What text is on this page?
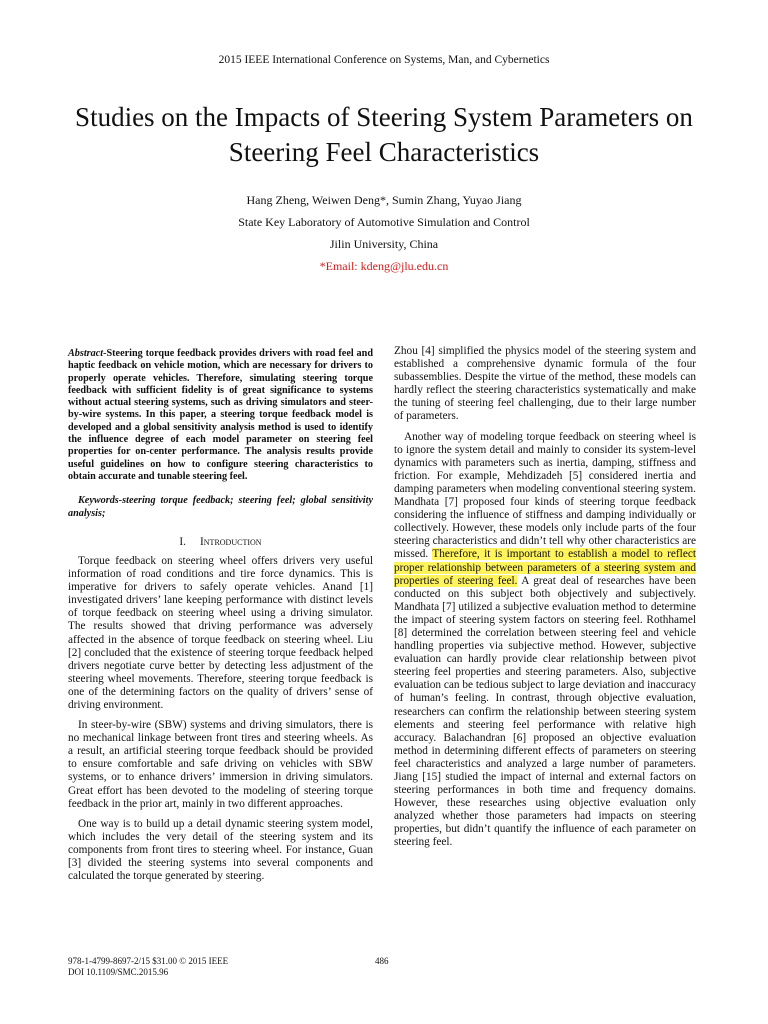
2015 IEEE International Conference on Systems, Man, and Cybernetics
Studies on the Impacts of Steering System Parameters on Steering Feel Characteristics
Hang Zheng, Weiwen Deng*, Sumin Zhang, Yuyao Jiang
State Key Laboratory of Automotive Simulation and Control
Jilin University, China
*Email: kdeng@jlu.edu.cn
Abstract-Steering torque feedback provides drivers with road feel and haptic feedback on vehicle motion, which are necessary for drivers to properly operate vehicles. Therefore, simulating steering torque feedback with sufficient fidelity is of great significance to systems without actual steering systems, such as driving simulators and steer-by-wire systems. In this paper, a steering torque feedback model is developed and a global sensitivity analysis method is used to identify the influence degree of each model parameter on steering feel properties for on-center performance. The analysis results provide useful guidelines on how to configure steering characteristics to obtain accurate and tunable steering feel.
Keywords-steering torque feedback; steering feel; global sensitivity analysis;
I. Introduction

Torque feedback on steering wheel offers drivers very useful information of road conditions and tire force dynamics. This is imperative for drivers to safely operate vehicles. Anand [1] investigated drivers’ lane keeping performance with distinct levels of torque feedback on steering wheel using a driving simulator. The results showed that driving performance was adversely affected in the absence of torque feedback on steering wheel. Liu [2] concluded that the existence of steering torque feedback helped drivers negotiate curve better by detecting less adjustment of the steering wheel movements. Therefore, steering torque feedback is one of the determining factors on the quality of drivers’ sense of driving environment.

In steer-by-wire (SBW) systems and driving simulators, there is no mechanical linkage between front tires and steering wheels. As a result, an artificial steering torque feedback should be provided to ensure comfortable and safe driving on vehicles with SBW systems, or to enhance drivers’ immersion in driving simulators. Great effort has been devoted to the modeling of steering torque feedback in the prior art, mainly in two different approaches.

One way is to build up a detail dynamic steering system model, which includes the very detail of the steering system and its components from front tires to steering wheel. For instance, Guan [3] divided the steering systems into several components and calculated the torque generated by steering.

Zhou [4] simplified the physics model of the steering system and established a comprehensive dynamic formula of the four subassemblies. Despite the virtue of the method, these models can hardly reflect the steering characteristics systematically and make the tuning of steering feel challenging, due to their large number of parameters.

Another way of modeling torque feedback on steering wheel is to ignore the system detail and mainly to consider its system-level dynamics with parameters such as inertia, damping, stiffness and friction. For example, Mehdizadeh [5] considered inertia and damping parameters when modeling conventional steering system. Mandhata [7] proposed four kinds of steering torque feedback considering the influence of stiffness and damping individually or collectively. However, these models only include parts of the four steering characteristics and didn’t tell why other characteristics are missed. Therefore, it is important to establish a model to reflect proper relationship between parameters of a steering system and properties of steering feel. A great deal of researches have been conducted on this subject both objectively and subjectively. Mandhata [7] utilized a subjective evaluation method to determine the impact of steering system factors on steering feel. Rothhamel [8] determined the correlation between steering feel and vehicle handling properties via subjective method. However, subjective evaluation can hardly provide clear relationship between pivot steering feel properties and steering parameters. Also, subjective evaluation can be tedious subject to large deviation and inaccuracy of human’s feeling. In contrast, through objective evaluation, researchers can confirm the relationship between steering system elements and steering feel performance with relative high accuracy. Balachandran [6] proposed an objective evaluation method in determining different effects of parameters on steering feel characteristics and analyzed a large number of parameters. Jiang [15] studied the impact of internal and external factors on steering performances in both time and frequency domains. However, these researches using objective evaluation only analyzed whether those parameters had impacts on steering properties, but didn’t quantify the influence of each parameter on steering feel.

978-1-4799-8697-2/15 $31.00 © 2015 IEEE
DOI 10.1109/SMC.2015.96
486
